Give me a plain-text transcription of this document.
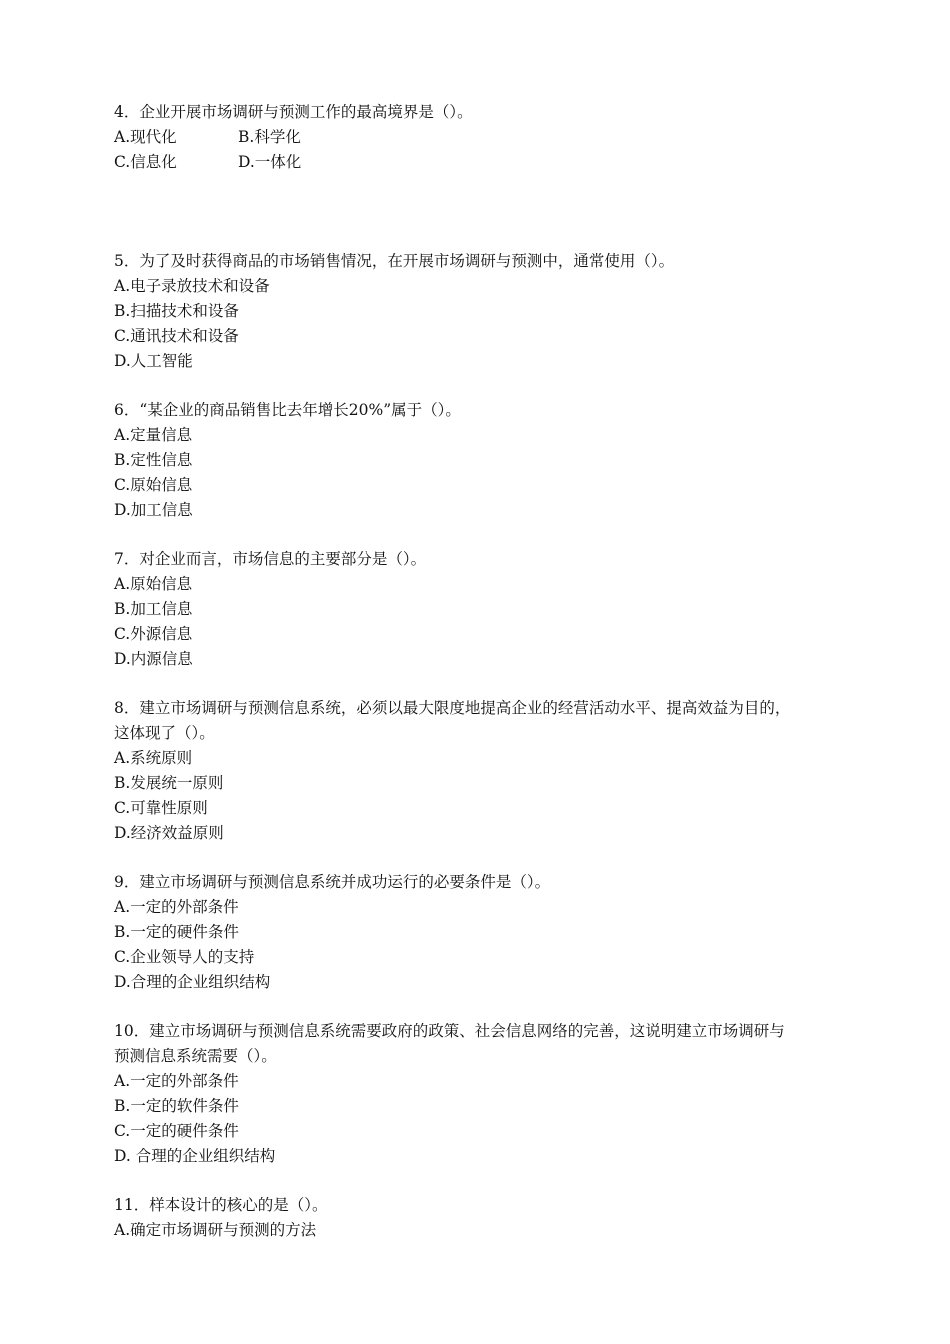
4．企业开展市场调研与预测工作的最高境界是（）。
A.现代化	B.科学化
C.信息化	D.一体化
5．为了及时获得商品的市场销售情况，在开展市场调研与预测中，通常使用（）。
A.电子录放技术和设备
B.扫描技术和设备
C.通讯技术和设备
D.人工智能
6．“某企业的商品销售比去年增长20%”属于（）。
A.定量信息
B.定性信息
C.原始信息
D.加工信息
7．对企业而言，市场信息的主要部分是（）。
A.原始信息
B.加工信息
C.外源信息
D.内源信息
8．建立市场调研与预测信息系统，必须以最大限度地提高企业的经营活动水平、提高效益为目的，
这体现了（）。
A.系统原则
B.发展统一原则
C.可靠性原则
D.经济效益原则
9．建立市场调研与预测信息系统并成功运行的必要条件是（）。
A.一定的外部条件
B.一定的硬件条件
C.企业领导人的支持
D.合理的企业组织结构
10．建立市场调研与预测信息系统需要政府的政策、社会信息网络的完善，这说明建立市场调研与
预测信息系统需要（）。
A.一定的外部条件
B.一定的软件条件
C.一定的硬件条件
D. 合理的企业组织结构
11．样本设计的核心的是（）。
A.确定市场调研与预测的方法
